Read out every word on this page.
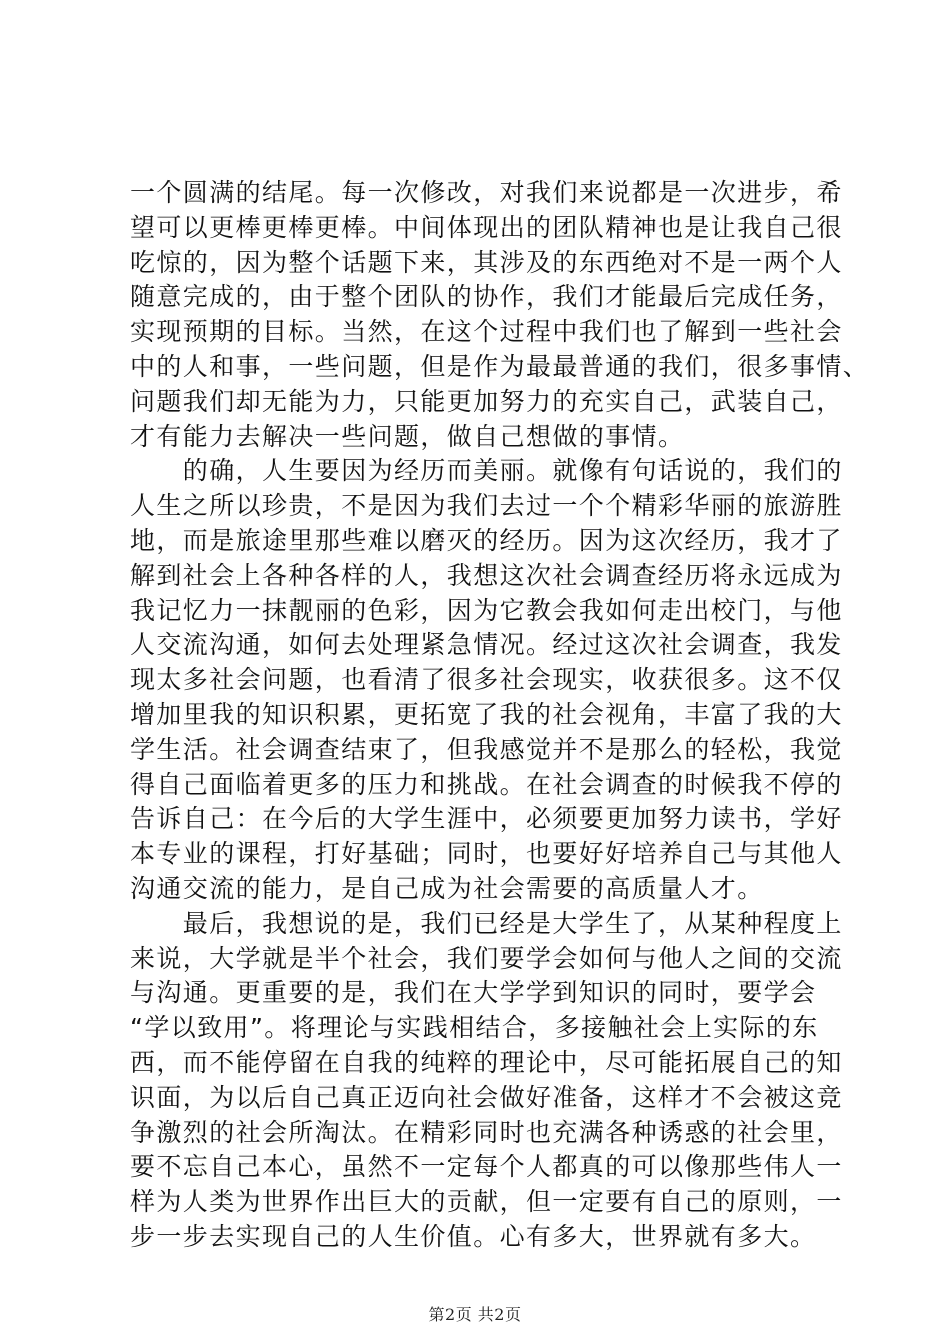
一个圆满的结尾。每一次修改，对我们来说都是一次进步，希
望可以更棒更棒更棒。中间体现出的团队精神也是让我自己很
吃惊的，因为整个话题下来，其涉及的东西绝对不是一两个人
随意完成的，由于整个团队的协作，我们才能最后完成任务，
实现预期的目标。当然，在这个过程中我们也了解到一些社会
中的人和事，一些问题，但是作为最最普通的我们，很多事情、
问题我们却无能为力，只能更加努力的充实自己，武装自己，
才有能力去解决一些问题，做自己想做的事情。
　　的确，人生要因为经历而美丽。就像有句话说的，我们的
人生之所以珍贵，不是因为我们去过一个个精彩华丽的旅游胜
地，而是旅途里那些难以磨灭的经历。因为这次经历，我才了
解到社会上各种各样的人，我想这次社会调查经历将永远成为
我记忆力一抹靓丽的色彩，因为它教会我如何走出校门，与他
人交流沟通，如何去处理紧急情况。经过这次社会调查，我发
现太多社会问题，也看清了很多社会现实，收获很多。这不仅
增加里我的知识积累，更拓宽了我的社会视角，丰富了我的大
学生活。社会调查结束了，但我感觉并不是那么的轻松，我觉
得自己面临着更多的压力和挑战。在社会调查的时候我不停的
告诉自己：在今后的大学生涯中，必须要更加努力读书，学好
本专业的课程，打好基础；同时，也要好好培养自己与其他人
沟通交流的能力，是自己成为社会需要的高质量人才。
　　最后，我想说的是，我们已经是大学生了，从某种程度上
来说，大学就是半个社会，我们要学会如何与他人之间的交流
与沟通。更重要的是，我们在大学学到知识的同时，要学会
“学以致用”。将理论与实践相结合，多接触社会上实际的东
西，而不能停留在自我的纯粹的理论中，尽可能拓展自己的知
识面，为以后自己真正迈向社会做好准备，这样才不会被这竞
争激烈的社会所淘汰。在精彩同时也充满各种诱惑的社会里，
要不忘自己本心，虽然不一定每个人都真的可以像那些伟人一
样为人类为世界作出巨大的贡献，但一定要有自己的原则，一
步一步去实现自己的人生价值。心有多大，世界就有多大。
第2页 共2页
